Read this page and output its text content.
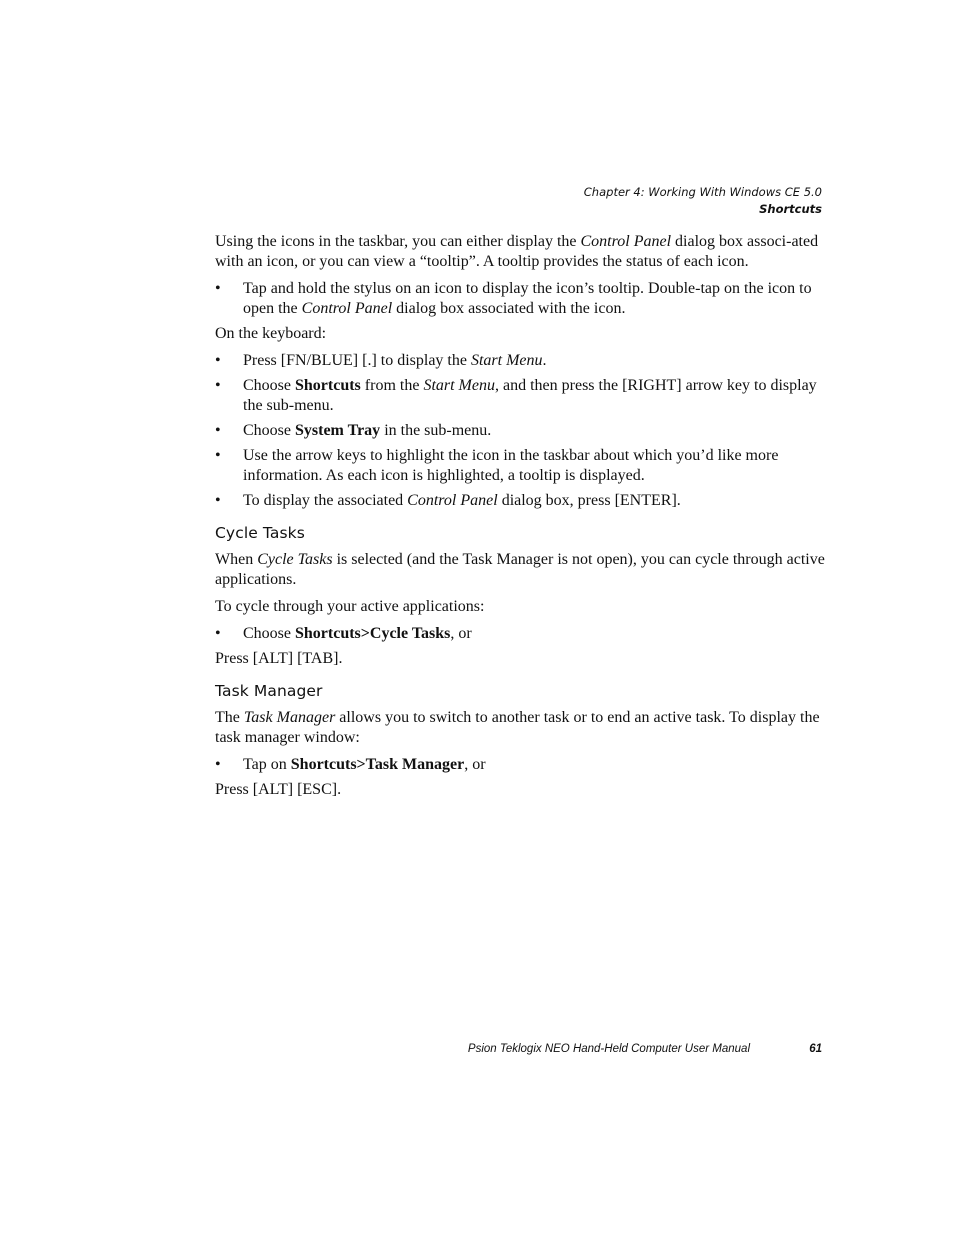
Chapter 4: Working With Windows CE 5.0
Shortcuts

Using the icons in the taskbar, you can either display the Control Panel dialog box associ-ated with an icon, or you can view a “tooltip”. A tooltip provides the status of each icon.

• Tap and hold the stylus on an icon to display the icon’s tooltip. Double-tap on the icon to open the Control Panel dialog box associated with the icon.

On the keyboard:

• Press [FN/BLUE] [.] to display the Start Menu.
• Choose Shortcuts from the Start Menu, and then press the [RIGHT] arrow key to display the sub-menu.
• Choose System Tray in the sub-menu.
• Use the arrow keys to highlight the icon in the taskbar about which you’d like more information. As each icon is highlighted, a tooltip is displayed.
• To display the associated Control Panel dialog box, press [ENTER].
Cycle Tasks

When Cycle Tasks is selected (and the Task Manager is not open), you can cycle through active applications.

To cycle through your active applications:

• Choose Shortcuts>Cycle Tasks, or

Press [ALT] [TAB].

Task Manager

The Task Manager allows you to switch to another task or to end an active task. To display the task manager window:

• Tap on Shortcuts>Task Manager, or

Press [ALT] [ESC].

Psion Teklogix NEO Hand-Held Computer User Manual	61
